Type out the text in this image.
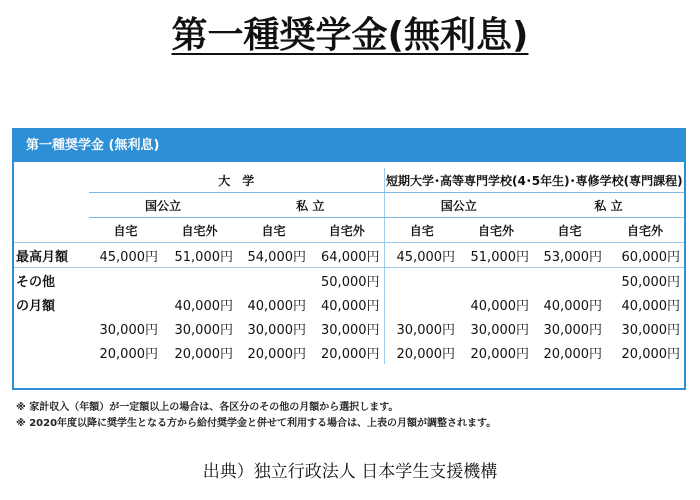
第一種奨学金(無利息)
第一種奨学金 (無利息)
	大　学				短期大学･高等専門学校(4･5年生)･専修学校(専門課程)			
	国公立		私 立		国公立		私 立	
	自宅	自宅外	自宅	自宅外	自宅	自宅外	自宅	自宅外
最高月額	45,000円	51,000円	54,000円	64,000円	45,000円	51,000円	53,000円	60,000円
その他				50,000円				50,000円
の月額		40,000円	40,000円	40,000円		40,000円	40,000円	40,000円
	30,000円	30,000円	30,000円	30,000円	30,000円	30,000円	30,000円	30,000円
	20,000円	20,000円	20,000円	20,000円	20,000円	20,000円	20,000円	20,000円
※ 家計収入（年額）が一定額以上の場合は、各区分のその他の月額から選択します。
※ 2020年度以降に奨学生となる方から給付奨学金と併せて利用する場合は、上表の月額が調整されます。
出典）独立行政法人 日本学生支援機構
